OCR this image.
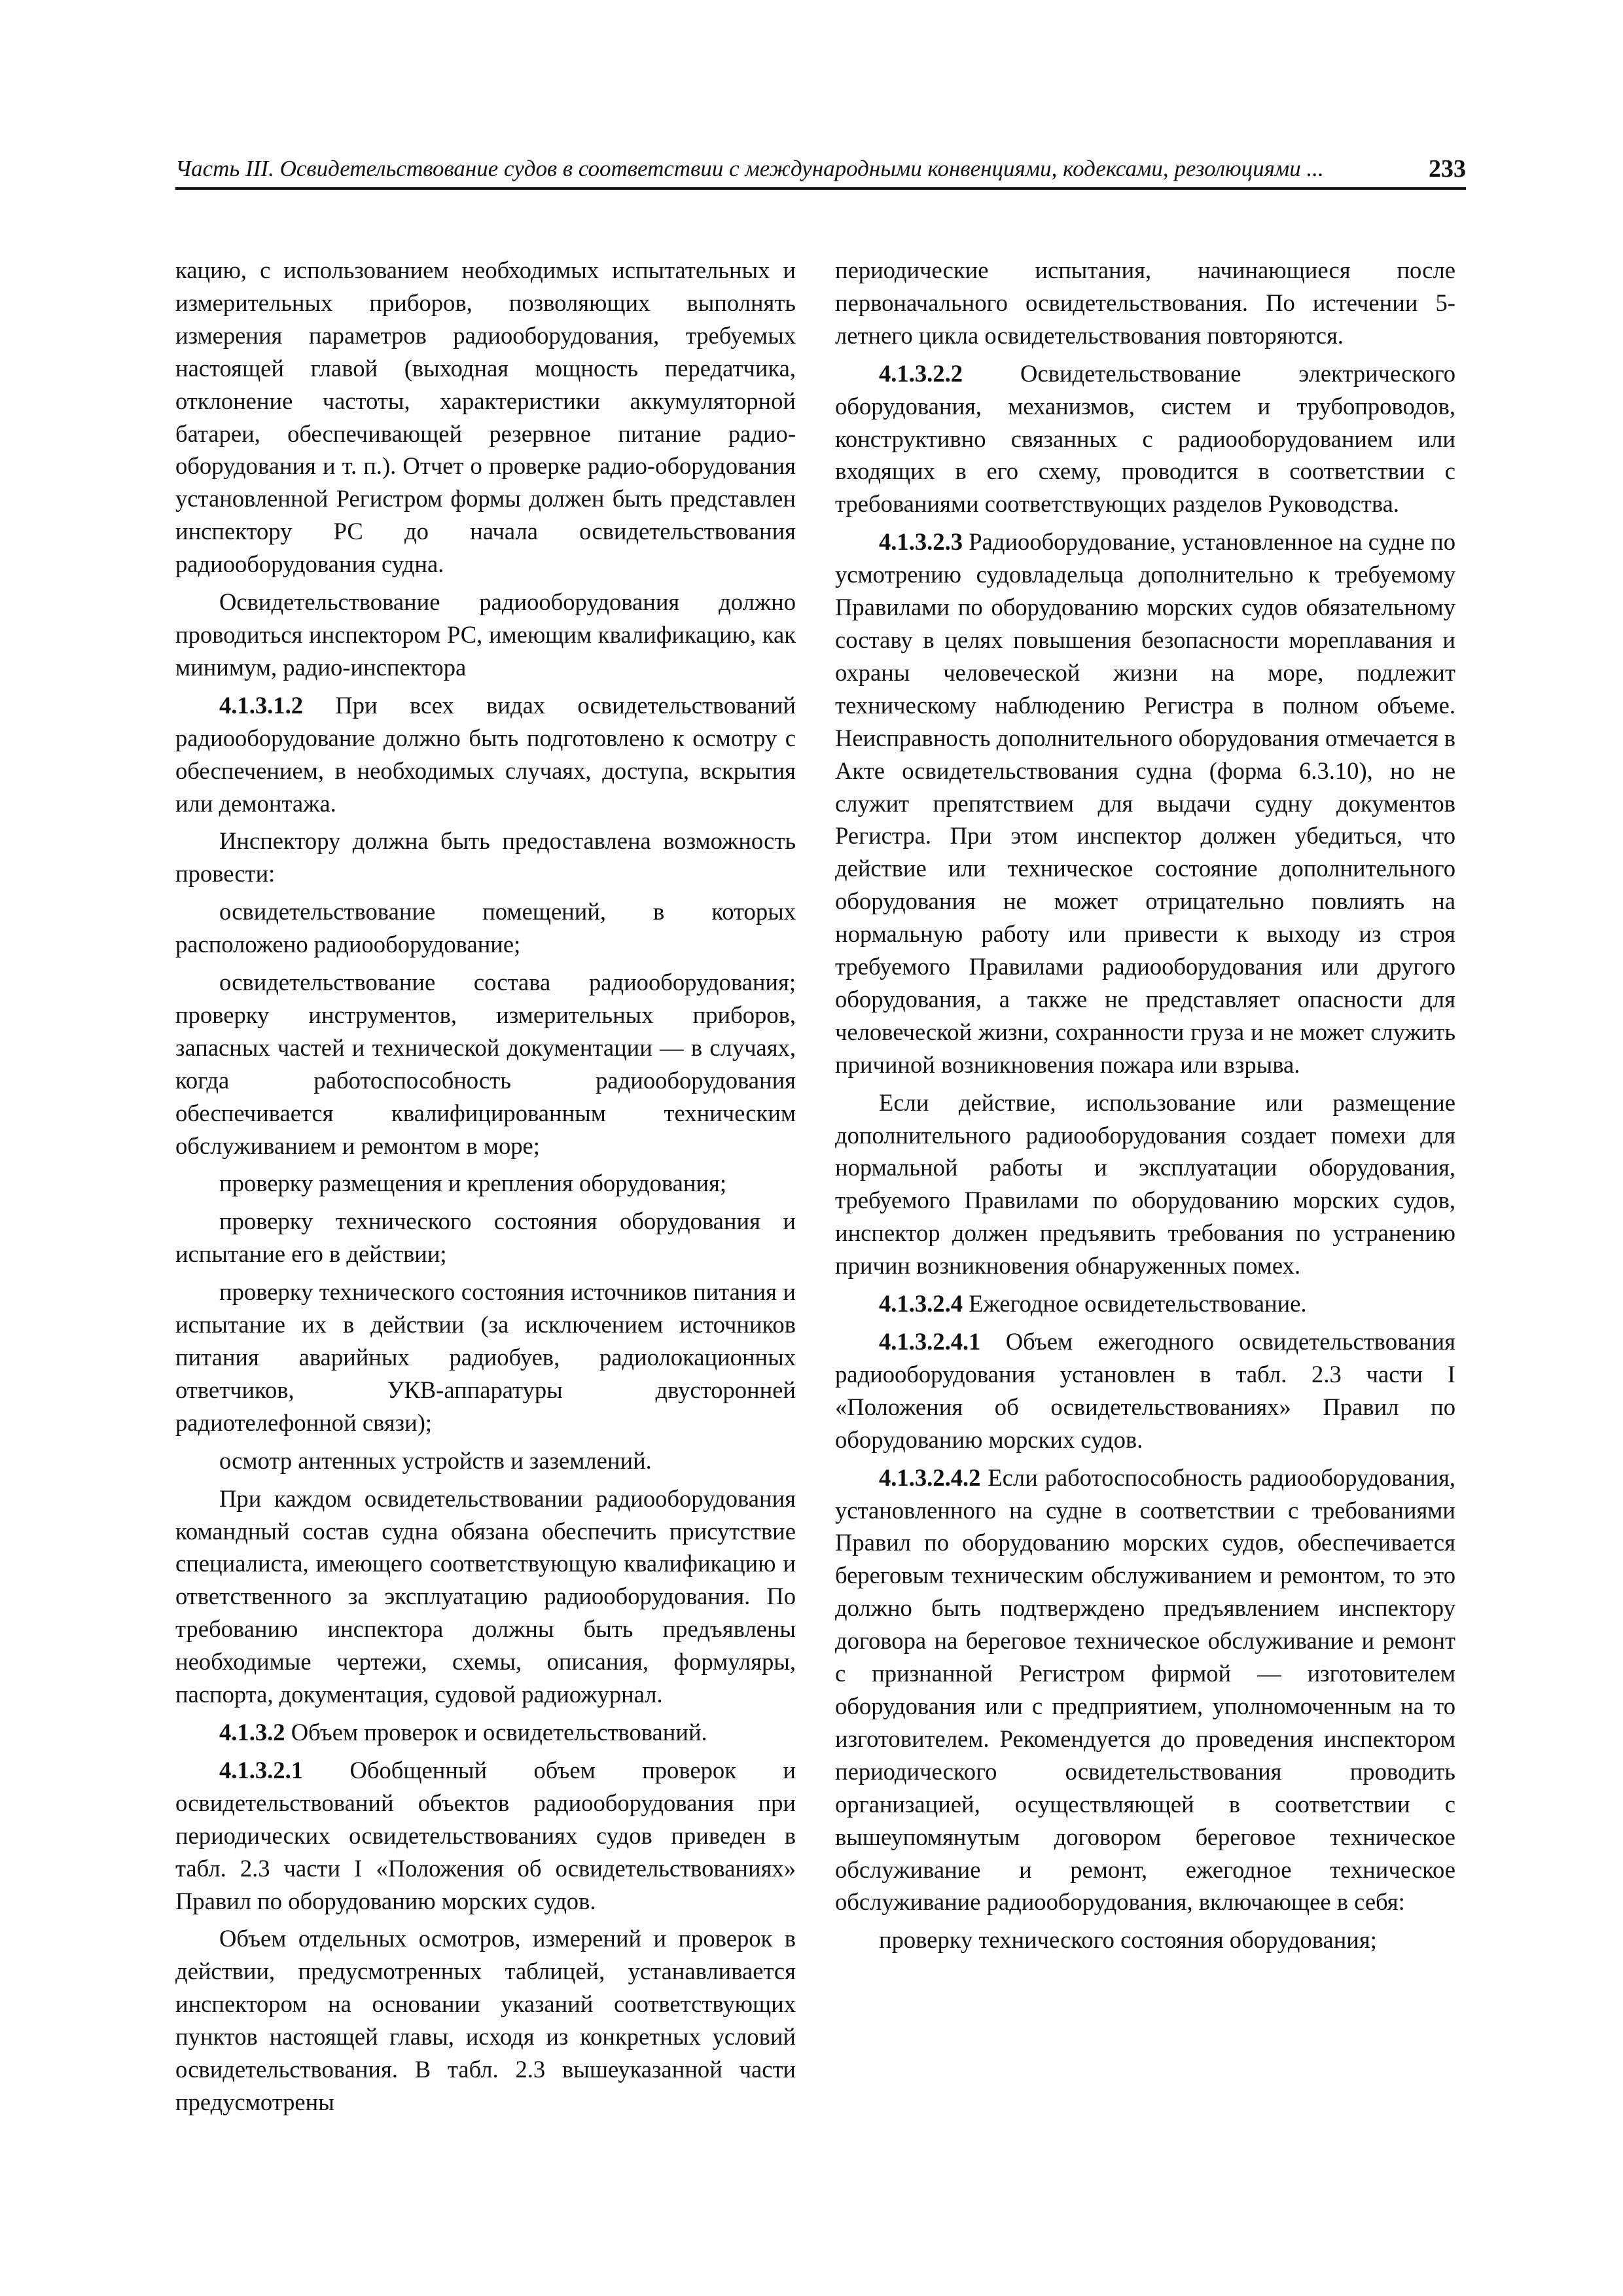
Часть III. Освидетельствование судов в соответствии с международными конвенциями, кодексами, резолюциями ...	233

кацию, с использованием необходимых испытательных и измерительных приборов, позволяющих выполнять измерения параметров радиооборудования, требуемых настоящей главой (выходная мощность передатчика, отклонение частоты, характеристики аккумуляторной батареи, обеспечивающей резервное питание радио-оборудования и т. п.). Отчет о проверке радио-оборудования установленной Регистром формы должен быть представлен инспектору РС до начала освидетельствования радиооборудования судна.

Освидетельствование радиооборудования должно проводиться инспектором РС, имеющим квалификацию, как минимум, радио-инспектора

4.1.3.1.2 При всех видах освидетельствований радиооборудование должно быть подготовлено к осмотру с обеспечением, в необходимых случаях, доступа, вскрытия или демонтажа.

Инспектору должна быть предоставлена возможность провести:

освидетельствование помещений, в которых расположено радиооборудование;

освидетельствование состава радиооборудования; проверку инструментов, измерительных приборов, запасных частей и технической документации — в случаях, когда работоспособность радиооборудования обеспечивается квалифицированным техническим обслуживанием и ремонтом в море;

проверку размещения и крепления оборудования;

проверку технического состояния оборудования и испытание его в действии;

проверку технического состояния источников питания и испытание их в действии (за исключением источников питания аварийных радиобуев, радиолокационных ответчиков, УКВ-аппаратуры двусторонней радиотелефонной связи);

осмотр антенных устройств и заземлений.

При каждом освидетельствовании радиооборудования командный состав судна обязана обеспечить присутствие специалиста, имеющего соответствующую квалификацию и ответственного за эксплуатацию радиооборудования. По требованию инспектора должны быть предъявлены необходимые чертежи, схемы, описания, формуляры, паспорта, документация, судовой радиожурнал.

4.1.3.2 Объем проверок и освидетельствований.

4.1.3.2.1 Обобщенный объем проверок и освидетельствований объектов радиооборудования при периодических освидетельствованиях судов приведен в табл. 2.3 части I «Положения об освидетельствованиях» Правил по оборудованию морских судов.

Объем отдельных осмотров, измерений и проверок в действии, предусмотренных таблицей, устанавливается инспектором на основании указаний соответствующих пунктов настоящей главы, исходя из конкретных условий освидетельствования. В табл. 2.3 вышеуказанной части предусмотрены

периодические испытания, начинающиеся после первоначального освидетельствования. По истечении 5-летнего цикла освидетельствования повторяются.

4.1.3.2.2 Освидетельствование электрического оборудования, механизмов, систем и трубопроводов, конструктивно связанных с радиооборудованием или входящих в его схему, проводится в соответствии с требованиями соответствующих разделов Руководства.

4.1.3.2.3 Радиооборудование, установленное на судне по усмотрению судовладельца дополнительно к требуемому Правилами по оборудованию морских судов обязательному составу в целях повышения безопасности мореплавания и охраны человеческой жизни на море, подлежит техническому наблюдению Регистра в полном объеме. Неисправность дополнительного оборудования отмечается в Акте освидетельствования судна (форма 6.3.10), но не служит препятствием для выдачи судну документов Регистра. При этом инспектор должен убедиться, что действие или техническое состояние дополнительного оборудования не может отрицательно повлиять на нормальную работу или привести к выходу из строя требуемого Правилами радиооборудования или другого оборудования, а также не представляет опасности для человеческой жизни, сохранности груза и не может служить причиной возникновения пожара или взрыва.

Если действие, использование или размещение дополнительного радиооборудования создает помехи для нормальной работы и эксплуатации оборудования, требуемого Правилами по оборудованию морских судов, инспектор должен предъявить требования по устранению причин возникновения обнаруженных помех.

4.1.3.2.4 Ежегодное освидетельствование.

4.1.3.2.4.1 Объем ежегодного освидетельствования радиооборудования установлен в табл. 2.3 части I «Положения об освидетельствованиях» Правил по оборудованию морских судов.

4.1.3.2.4.2 Если работоспособность радиооборудования, установленного на судне в соответствии с требованиями Правил по оборудованию морских судов, обеспечивается береговым техническим обслуживанием и ремонтом, то это должно быть подтверждено предъявлением инспектору договора на береговое техническое обслуживание и ремонт с признанной Регистром фирмой — изготовителем оборудования или с предприятием, уполномоченным на то изготовителем. Рекомендуется до проведения инспектором периодического освидетельствования проводить организацией, осуществляющей в соответствии с вышеупомянутым договором береговое техническое обслуживание и ремонт, ежегодное техническое обслуживание радиооборудования, включающее в себя:

проверку технического состояния оборудования;
